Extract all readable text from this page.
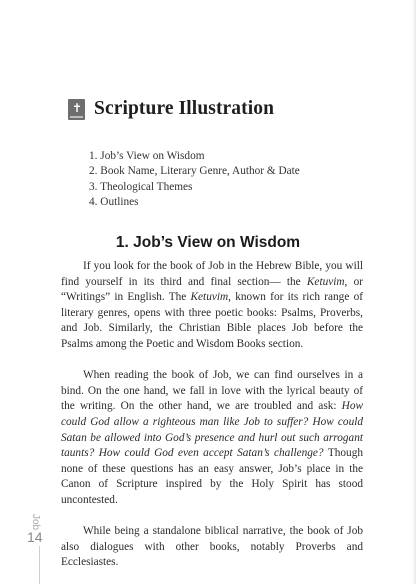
✝ Scripture Illustration
1. Job’s View on Wisdom
2. Book Name, Literary Genre, Author & Date
3. Theological Themes
4. Outlines
1. Job’s View on Wisdom

If you look for the book of Job in the Hebrew Bible, you will find yourself in its third and final section— the Ketuvim, or “Writings” in English. The Ketuvim, known for its rich range of literary genres, opens with three poetic books: Psalms, Proverbs, and Job. Similarly, the Christian Bible places Job before the Psalms among the Poetic and Wisdom Books section.

When reading the book of Job, we can find ourselves in a bind. On the one hand, we fall in love with the lyrical beauty of the writing. On the other hand, we are troubled and ask: How could God allow a righteous man like Job to suffer? How could Satan be allowed into God’s presence and hurl out such arrogant taunts? How could God even accept Satan’s challenge? Though none of these questions has an easy answer, Job’s place in the Canon of Scripture inspired by the Holy Spirit has stood uncontested.

While being a standalone biblical narrative, the book of Job also dialogues with other books, notably Proverbs and Ecclesiastes.

Job
14
